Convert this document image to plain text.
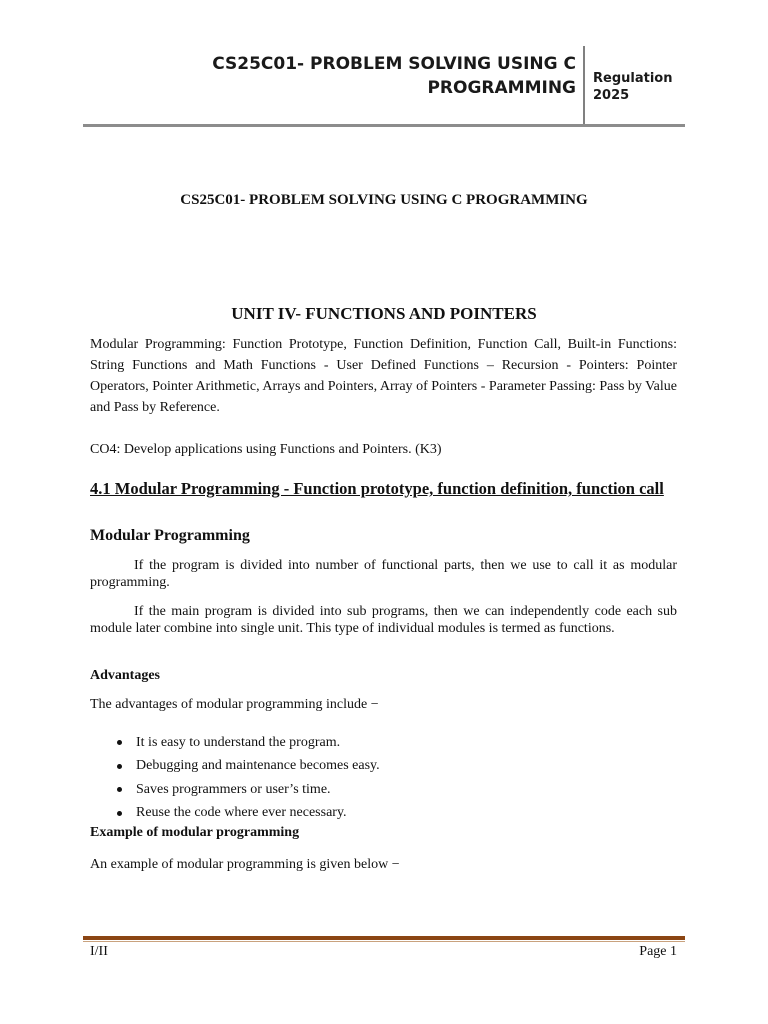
CS25C01- PROBLEM SOLVING USING C PROGRAMMING Regulation
2025
CS25C01- PROBLEM SOLVING USING C PROGRAMMING
UNIT IV- FUNCTIONS AND POINTERS

Modular Programming: Function Prototype, Function Definition, Function Call, Built-in Functions: String Functions and Math Functions - User Defined Functions – Recursion - Pointers: Pointer Operators, Pointer Arithmetic, Arrays and Pointers, Array of Pointers - Parameter Passing: Pass by Value and Pass by Reference.

CO4: Develop applications using Functions and Pointers. (K3)

4.1 Modular Programming - Function prototype, function definition, function call
Modular Programming

If the program is divided into number of functional parts, then we use to call it as modular programming.

If the main program is divided into sub programs, then we can independently code each sub module later combine into single unit. This type of individual modules is termed as functions.

Advantages

The advantages of modular programming include −

It is easy to understand the program.
Debugging and maintenance becomes easy.
Saves programmers or user’s time.
Reuse the code where ever necessary.
Example of modular programming

An example of modular programming is given below −

I/II	Page 1
